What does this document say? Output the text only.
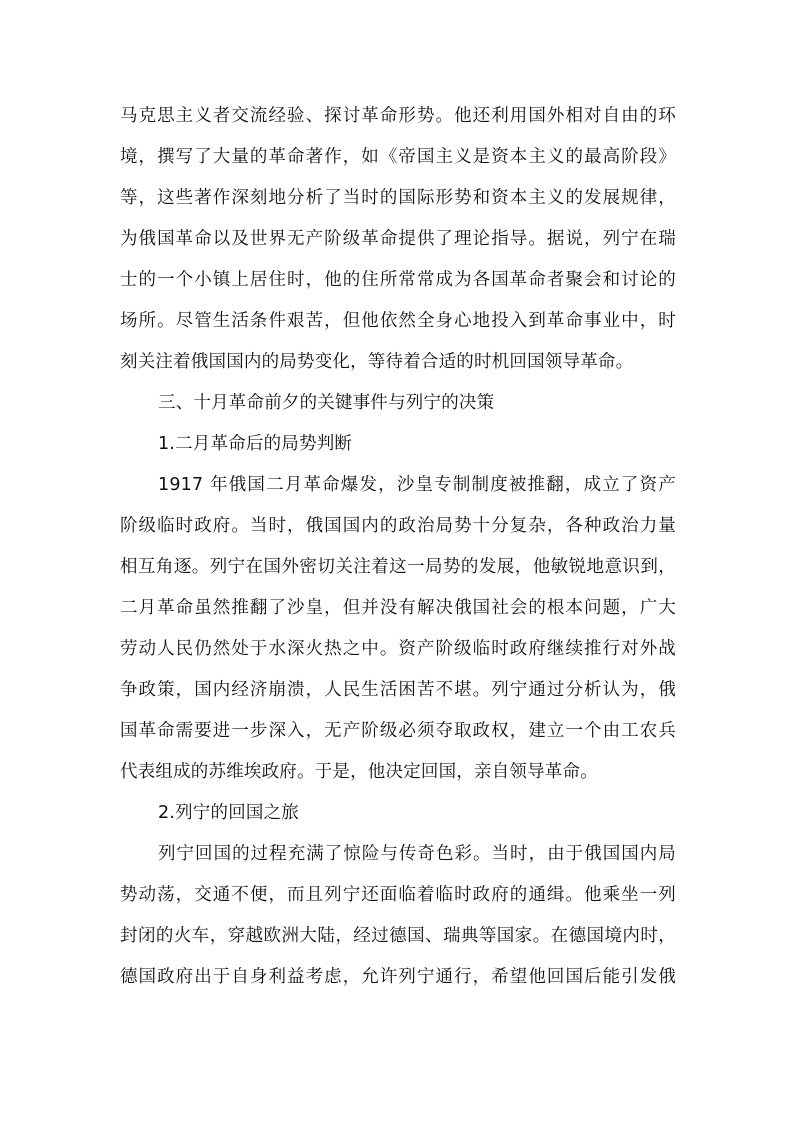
马克思主义者交流经验、探讨革命形势。他还利用国外相对自由的环
境，撰写了大量的革命著作，如《帝国主义是资本主义的最高阶段》
等，这些著作深刻地分析了当时的国际形势和资本主义的发展规律，
为俄国革命以及世界无产阶级革命提供了理论指导。据说，列宁在瑞
士的一个小镇上居住时，他的住所常常成为各国革命者聚会和讨论的
场所。尽管生活条件艰苦，但他依然全身心地投入到革命事业中，时
刻关注着俄国国内的局势变化，等待着合适的时机回国领导革命。
三、十月革命前夕的关键事件与列宁的决策
1.二月革命后的局势判断
1917 年俄国二月革命爆发，沙皇专制制度被推翻，成立了资产
阶级临时政府。当时，俄国国内的政治局势十分复杂，各种政治力量
相互角逐。列宁在国外密切关注着这一局势的发展，他敏锐地意识到，
二月革命虽然推翻了沙皇，但并没有解决俄国社会的根本问题，广大
劳动人民仍然处于水深火热之中。资产阶级临时政府继续推行对外战
争政策，国内经济崩溃，人民生活困苦不堪。列宁通过分析认为，俄
国革命需要进一步深入，无产阶级必须夺取政权，建立一个由工农兵
代表组成的苏维埃政府。于是，他决定回国，亲自领导革命。
2.列宁的回国之旅
列宁回国的过程充满了惊险与传奇色彩。当时，由于俄国国内局
势动荡，交通不便，而且列宁还面临着临时政府的通缉。他乘坐一列
封闭的火车，穿越欧洲大陆，经过德国、瑞典等国家。在德国境内时，
德国政府出于自身利益考虑，允许列宁通行，希望他回国后能引发俄
